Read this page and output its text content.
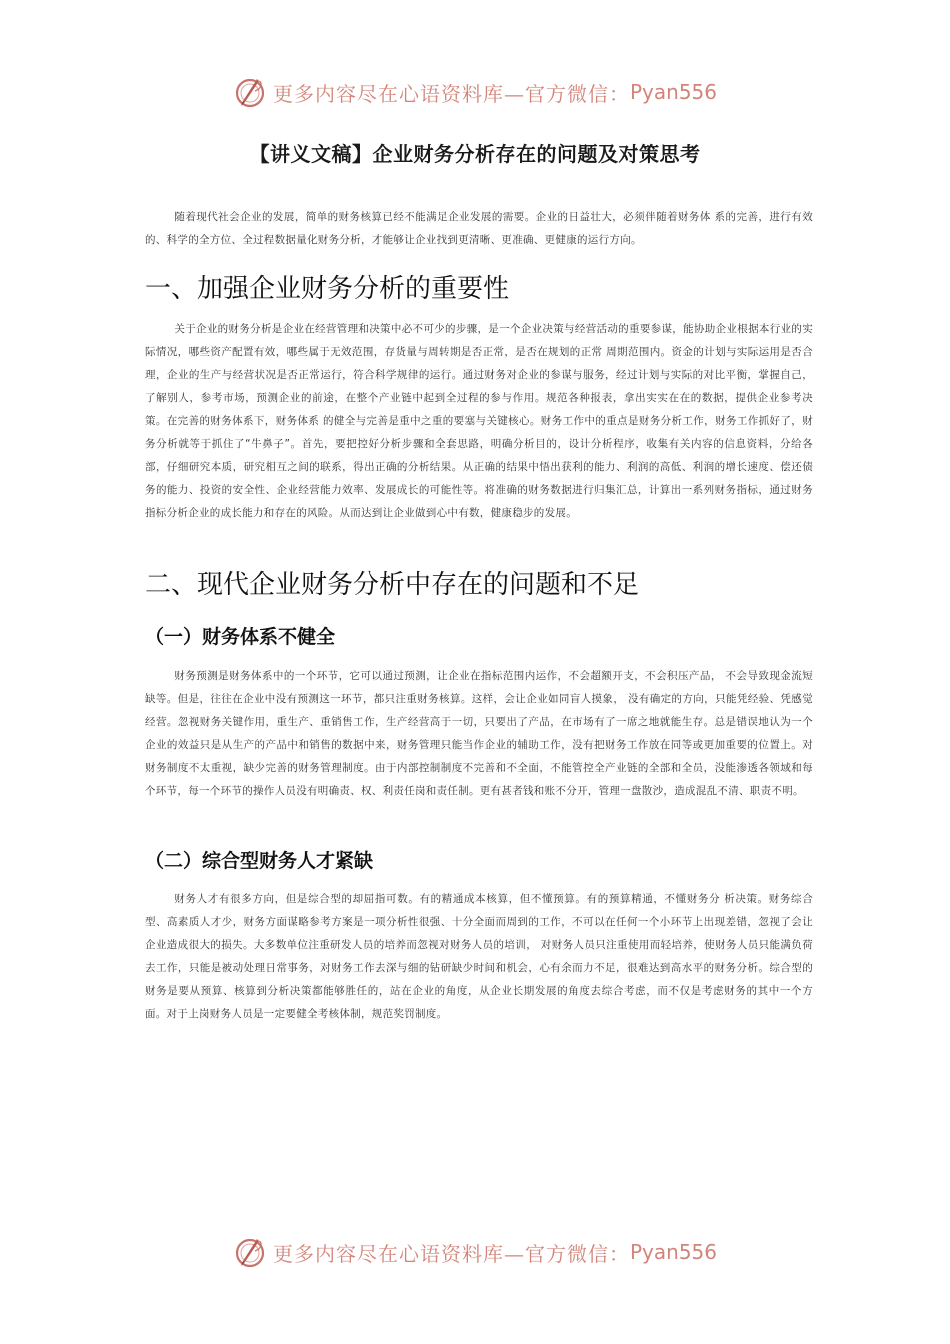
更多内容尽在心语资料库—官方微信： Pyan556
【讲义文稿】企业财务分析存在的问题及对策思考

随着现代社会企业的发展，简单的财务核算已经不能满足企业发展的需要。企业的日益壮大，必须伴随着财务体 系的完善，进行有效的、科学的全方位、全过程数据量化财务分析，才能够让企业找到更清晰、更准确、更健康的运行方向。

一、加强企业财务分析的重要性

关于企业的财务分析是企业在经营管理和决策中必不可少的步骤，是一个企业决策与经营活动的重要参谋，能协助企业根据本行业的实际情况，哪些资产配置有效，哪些属于无效范围，存货量与周转期是否正常，是否在规划的正常 周期范围内。资金的计划与实际运用是否合理，企业的生产与经营状况是否正常运行，符合科学规律的运行。通过财务对企业的参谋与服务，经过计划与实际的对比平衡，掌握自己，了解别人，参考市场，预测企业的前途，在整个产业链中起到全过程的参与作用。规范各种报表，拿出实实在在的数据，提供企业参考决策。在完善的财务体系下，财务体系 的健全与完善是重中之重的要塞与关键核心。财务工作中的重点是财务分析工作，财务工作抓好了，财务分析就等于抓住了“牛鼻子”。首先，要把控好分析步骤和全套思路，明确分析目的，设计分析程序，收集有关内容的信息资料，分给各部，仔细研究本质，研究相互之间的联系，得出正确的分析结果。从正确的结果中悟出获利的能力、利润的高低、利润的增长速度、偿还债务的能力、投资的安全性、企业经营能力效率、发展成长的可能性等。将准确的财务数据进行归集汇总，计算出一系列财务指标，通过财务指标分析企业的成长能力和存在的风险。从而达到让企业做到心中有数，健康稳步的发展。

二、现代企业财务分析中存在的问题和不足
（一）财务体系不健全

财务预测是财务体系中的一个环节，它可以通过预测，让企业在指标范围内运作，不会超额开支，不会积压产品， 不会导致现金流短缺等。但是，往往在企业中没有预测这一环节，都只注重财务核算。这样，会让企业如同盲人摸象， 没有确定的方向，只能凭经验、凭感觉经营。忽视财务关键作用，重生产、重销售工作，生产经营高于一切，只要出了产品，在市场有了一席之地就能生存。总是错误地认为一个企业的效益只是从生产的产品中和销售的数据中来，财务管理只能当作企业的辅助工作，没有把财务工作放在同等或更加重要的位置上。对财务制度不太重视，缺少完善的财务管理制度。由于内部控制制度不完善和不全面，不能管控全产业链的全部和全员，没能渗透各领域和每个环节，每一个环节的操作人员没有明确责、权、利责任岗和责任制。更有甚者钱和账不分开，管理一盘散沙，造成混乱不清、职责不明。

（二）综合型财务人才紧缺

财务人才有很多方向，但是综合型的却屈指可数。有的精通成本核算，但不懂预算。有的预算精通，不懂财务分 析决策。财务综合型、高素质人才少，财务方面谋略参考方案是一项分析性很强、十分全面而周到的工作，不可以在任何一个小环节上出现差错，忽视了会让企业造成很大的损失。大多数单位注重研发人员的培养而忽视对财务人员的培训， 对财务人员只注重使用而轻培养，使财务人员只能满负荷去工作，只能是被动处理日常事务，对财务工作去深与细的钻研缺少时间和机会，心有余而力不足，很难达到高水平的财务分析。综合型的财务是要从预算、核算到分析决策都能够胜任的，站在企业的角度，从企业长期发展的角度去综合考虑，而不仅是考虑财务的其中一个方面。对于上岗财务人员是一定要健全考核体制，规范奖罚制度。

更多内容尽在心语资料库—官方微信： Pyan556
